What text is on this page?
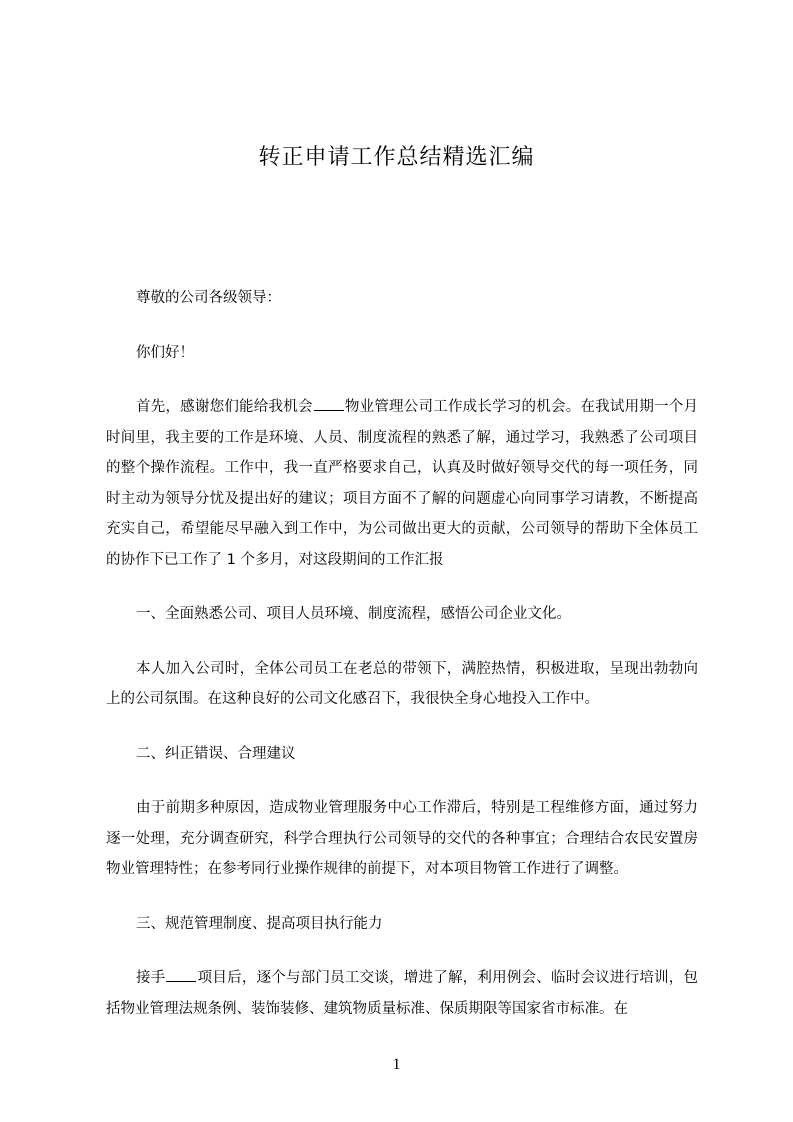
转正申请工作总结精选汇编

尊敬的公司各级领导：

你们好！

首先，感谢您们能给我机会 物业管理公司工作成长学习的机会。在我试用期一个月时间里，我主要的工作是环境、人员、制度流程的熟悉了解，通过学习，我熟悉了公司项目的整个操作流程。工作中，我一直严格要求自己，认真及时做好领导交代的每一项任务，同时主动为领导分忧及提出好的建议；项目方面不了解的问题虚心向同事学习请教，不断提高充实自己，希望能尽早融入到工作中，为公司做出更大的贡献，公司领导的帮助下全体员工的协作下已工作了 1 个多月，对这段期间的工作汇报

一、全面熟悉公司、项目人员环境、制度流程，感悟公司企业文化。

本人加入公司时，全体公司员工在老总的带领下，满腔热情，积极进取，呈现出勃勃向上的公司氛围。在这种良好的公司文化感召下，我很快全身心地投入工作中。

二、纠正错误、合理建议

由于前期多种原因，造成物业管理服务中心工作滞后，特别是工程维修方面，通过努力逐一处理，充分调查研究，科学合理执行公司领导的交代的各种事宜；合理结合农民安置房物业管理特性；在参考同行业操作规律的前提下，对本项目物管工作进行了调整。

三、规范管理制度、提高项目执行能力

接手 项目后，逐个与部门员工交谈，增进了解，利用例会、临时会议进行培训，包括物业管理法规条例、装饰装修、建筑物质量标准、保质期限等国家省市标准。在

1
